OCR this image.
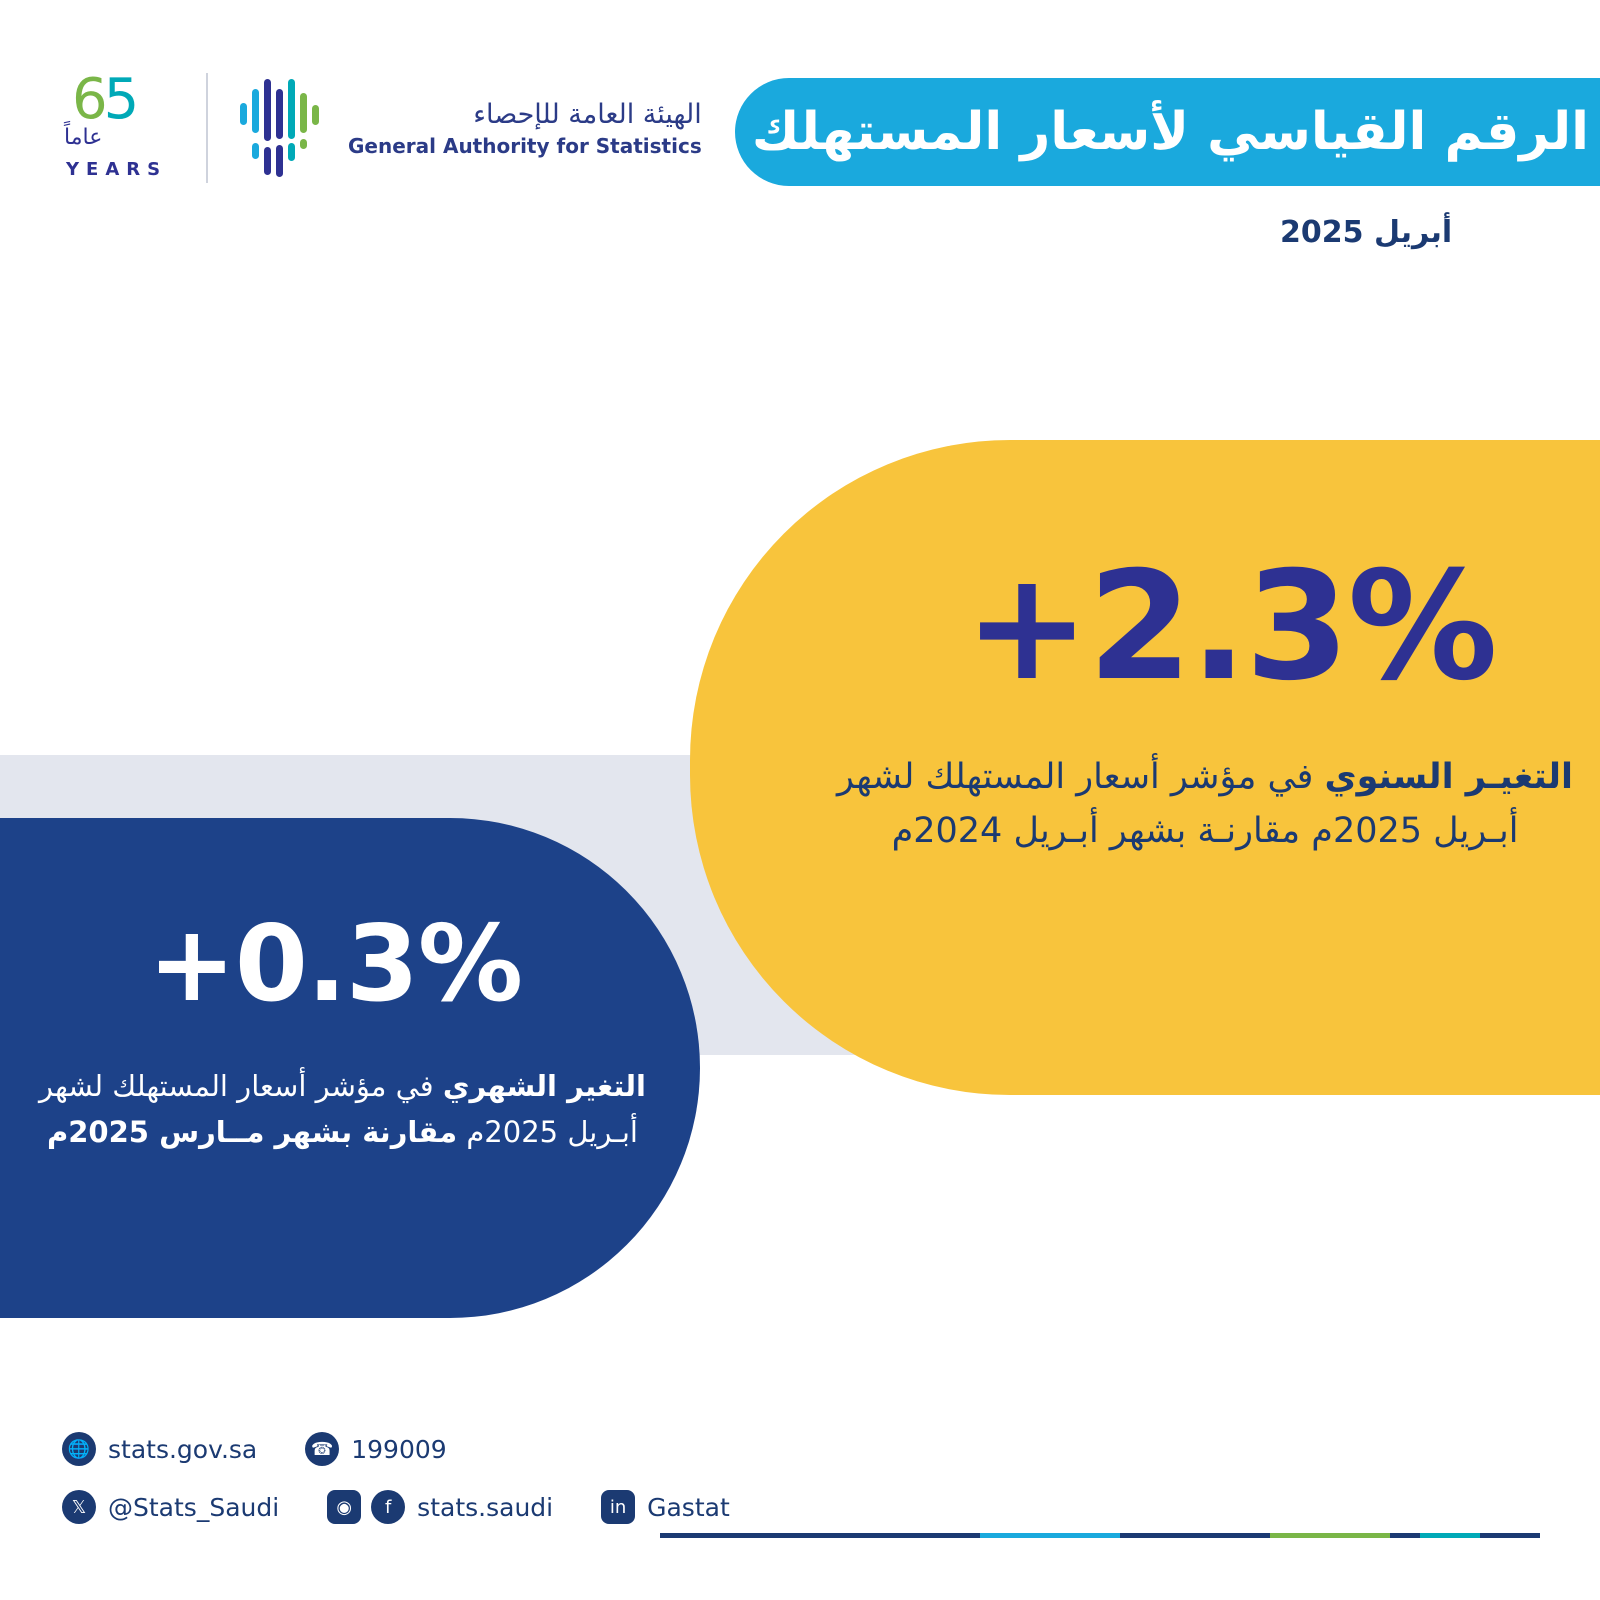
65
عاماً
YEARS
الهيئة العامة للإحصاء
General Authority for Statistics الرقم القياسي لأسعار المستهلك
أبريل 2025
+2.3%
التغيـر السنوي في مؤشر أسعار المستهلك لشهر أبـريل 2025م مقارنـة بشهر أبـريل 2024م
+0.3%
التغير الشهري في مؤشر أسعار المستهلك لشهر أبـريل 2025م مقارنة بشهر مــارس 2025م
🌐 stats.gov.sa	☎ 199009
𝕏 @Stats_Saudi	◉	f	stats.saudi	in Gastat
